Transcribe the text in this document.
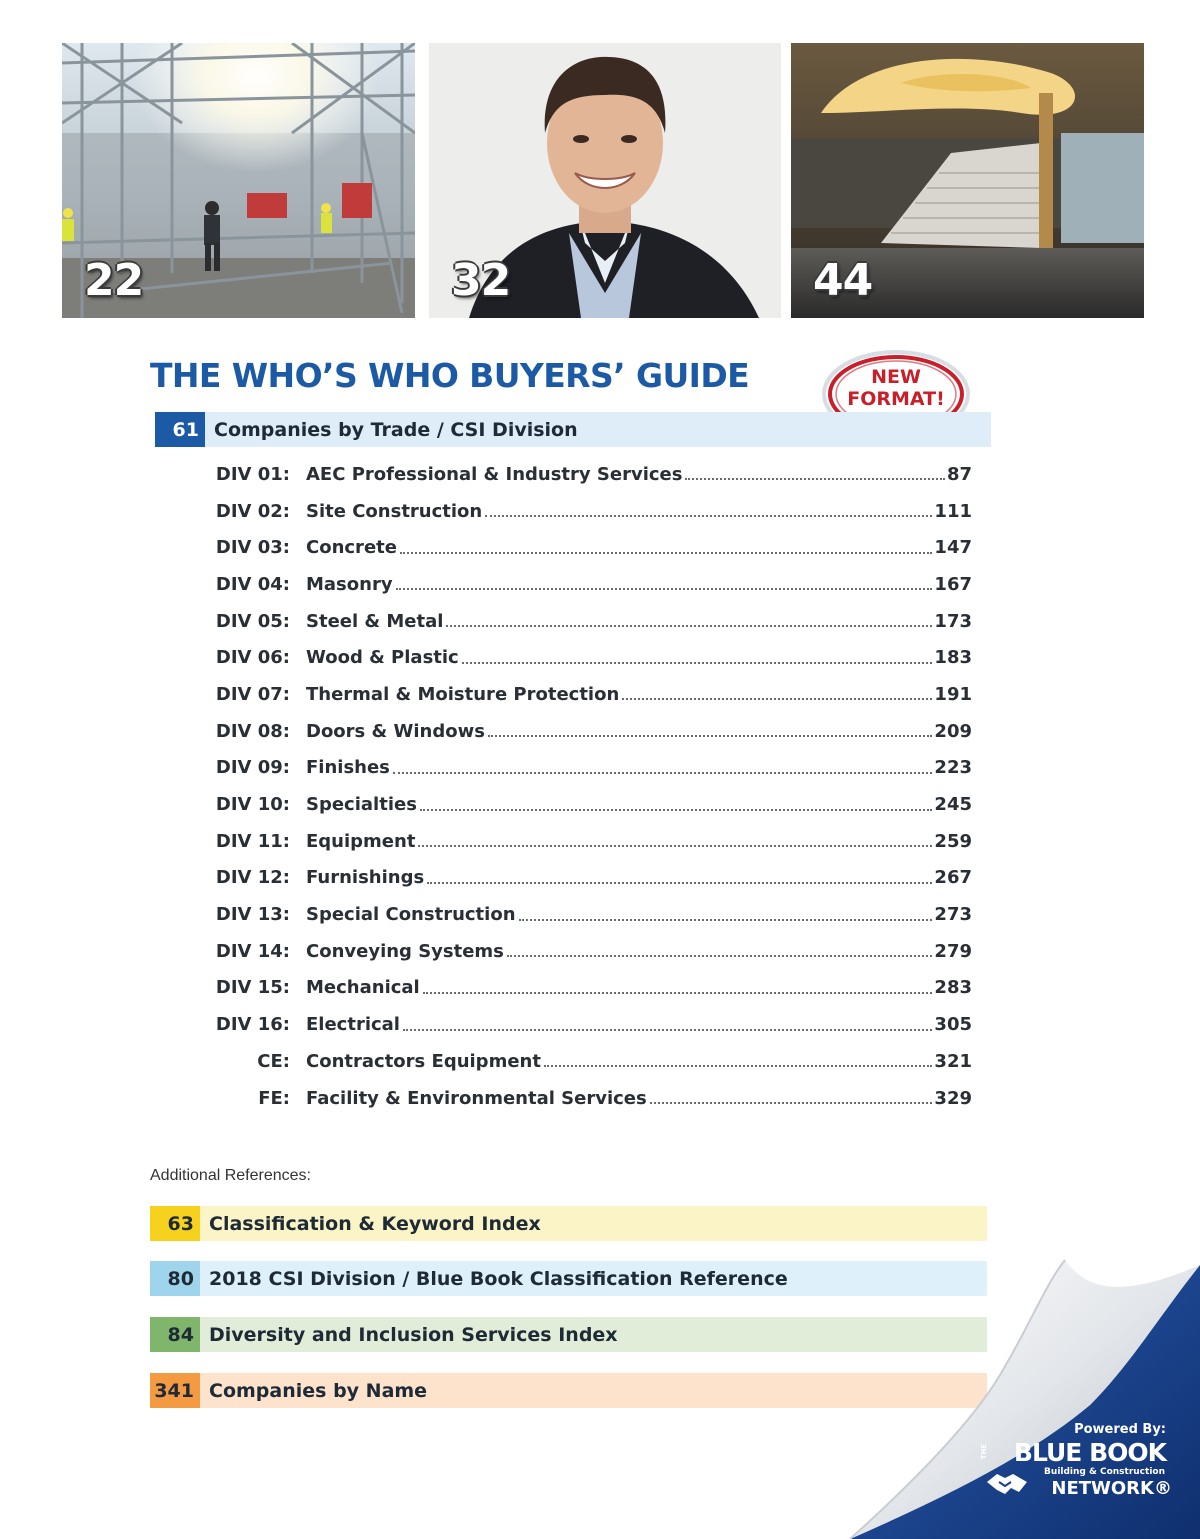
22	32	44
THE WHO’S WHO BUYERS’ GUIDE	NEW
FORMAT!
61 Companies by Trade / CSI Division
DIV 01: AEC Professional & Industry Services	87
DIV 02: Site Construction	111
DIV 03: Concrete	147
DIV 04: Masonry	167
DIV 05: Steel & Metal	173
DIV 06: Wood & Plastic	183
DIV 07: Thermal & Moisture Protection	191
DIV 08: Doors & Windows	209
DIV 09: Finishes	223
DIV 10: Specialties	245
DIV 11: Equipment	259
DIV 12: Furnishings	267
DIV 13: Special Construction	273
DIV 14: Conveying Systems	279
DIV 15: Mechanical	283
DIV 16: Electrical	305
CE: Contractors Equipment	321
FE: Facility & Environmental Services	329
Additional References:
63 Classification & Keyword Index
80 2018 CSI Division / Blue Book Classification Reference
84 Diversity and Inclusion Services Index
341 Companies by Name
Powered By:
THE	BLUE BOOK
Building & Construction
NETWORK®
